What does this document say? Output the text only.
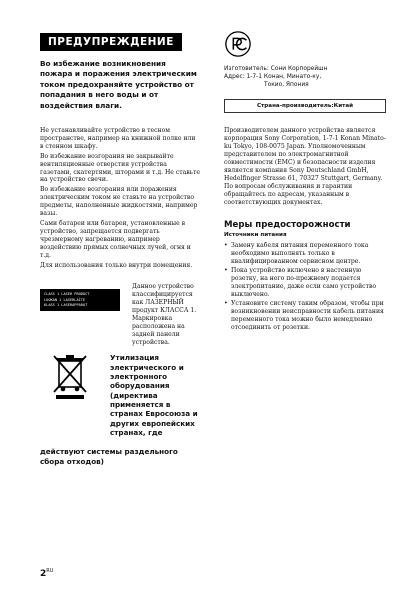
ПРЕДУПРЕЖДЕНИЕ

Во избежание возникновения пожара и поражения электрическим током предохраняйте устройство от попадания в него воды и от воздействия влаги.

Не устанавливайте устройство в тесном пространстве, например на книжной полке или в стенном шкафу.

Во избежание возгорания не закрывайте вентиляционные отверстия устройства газетами, скатертями, шторами и т.д. Не ставьте на устройство свечи.

Во избежание возгорания или поражения электрическим током не ставьте на устройство предметы, наполненные жидкостями, например вазы.

Сами батареи или батареи, установленные в устройство, запрещается подвергать чрезмерному нагреванию, например воздействию прямых солнечных лучей, огня и т.д.

Для использования только внутри помещения.

CLASS 1 LASER PRODUCT
LUOKAN 1 LASERLAITE
KLASS 1 LASERAPPARAT
Данное устройство классифицируется как ЛАЗЕРНЫЙ продукт КЛАССА 1. Маркировка расположена на задней панели устройства.
Утилизация электрического и электронного оборудования (директива применяется в странах Евросоюза и других европейских странах, где
действуют системы раздельного сбора отходов)
Изготовитель: Сони Корпорейшн
Адрес: 1-7-1 Конан, Минато-ку,
Токио, Япония
Страна-производитель:Китай

Производителем данного устройства является корпорация Sony Corporation, 1-7-1 Konan Minato-ku Tokyo, 108-0075 Japan. Уполномоченным представителем по электромагнитной совместимости (EMC) и безопасности изделия является компания Sony Deutschland GmbH, Hedelfinger Strasse 61, 70327 Stuttgart, Germany. По вопросам обслуживания и гарантии обращайтесь по адресам, указанным в соответствующих документах.

Меры предосторожности
Источники питания
• Замену кабеля питания переменного тока необходимо выполнять только в квалифицированном сервисном центре.
• Пока устройство включено в настенную розетку, на него по-прежнему подается электропитание, даже если само устройство выключено.
• Установите систему таким образом, чтобы при возникновении неисправности кабель питания переменного тока можно было немедленно отсоединить от розетки.
$2^{RU}$
